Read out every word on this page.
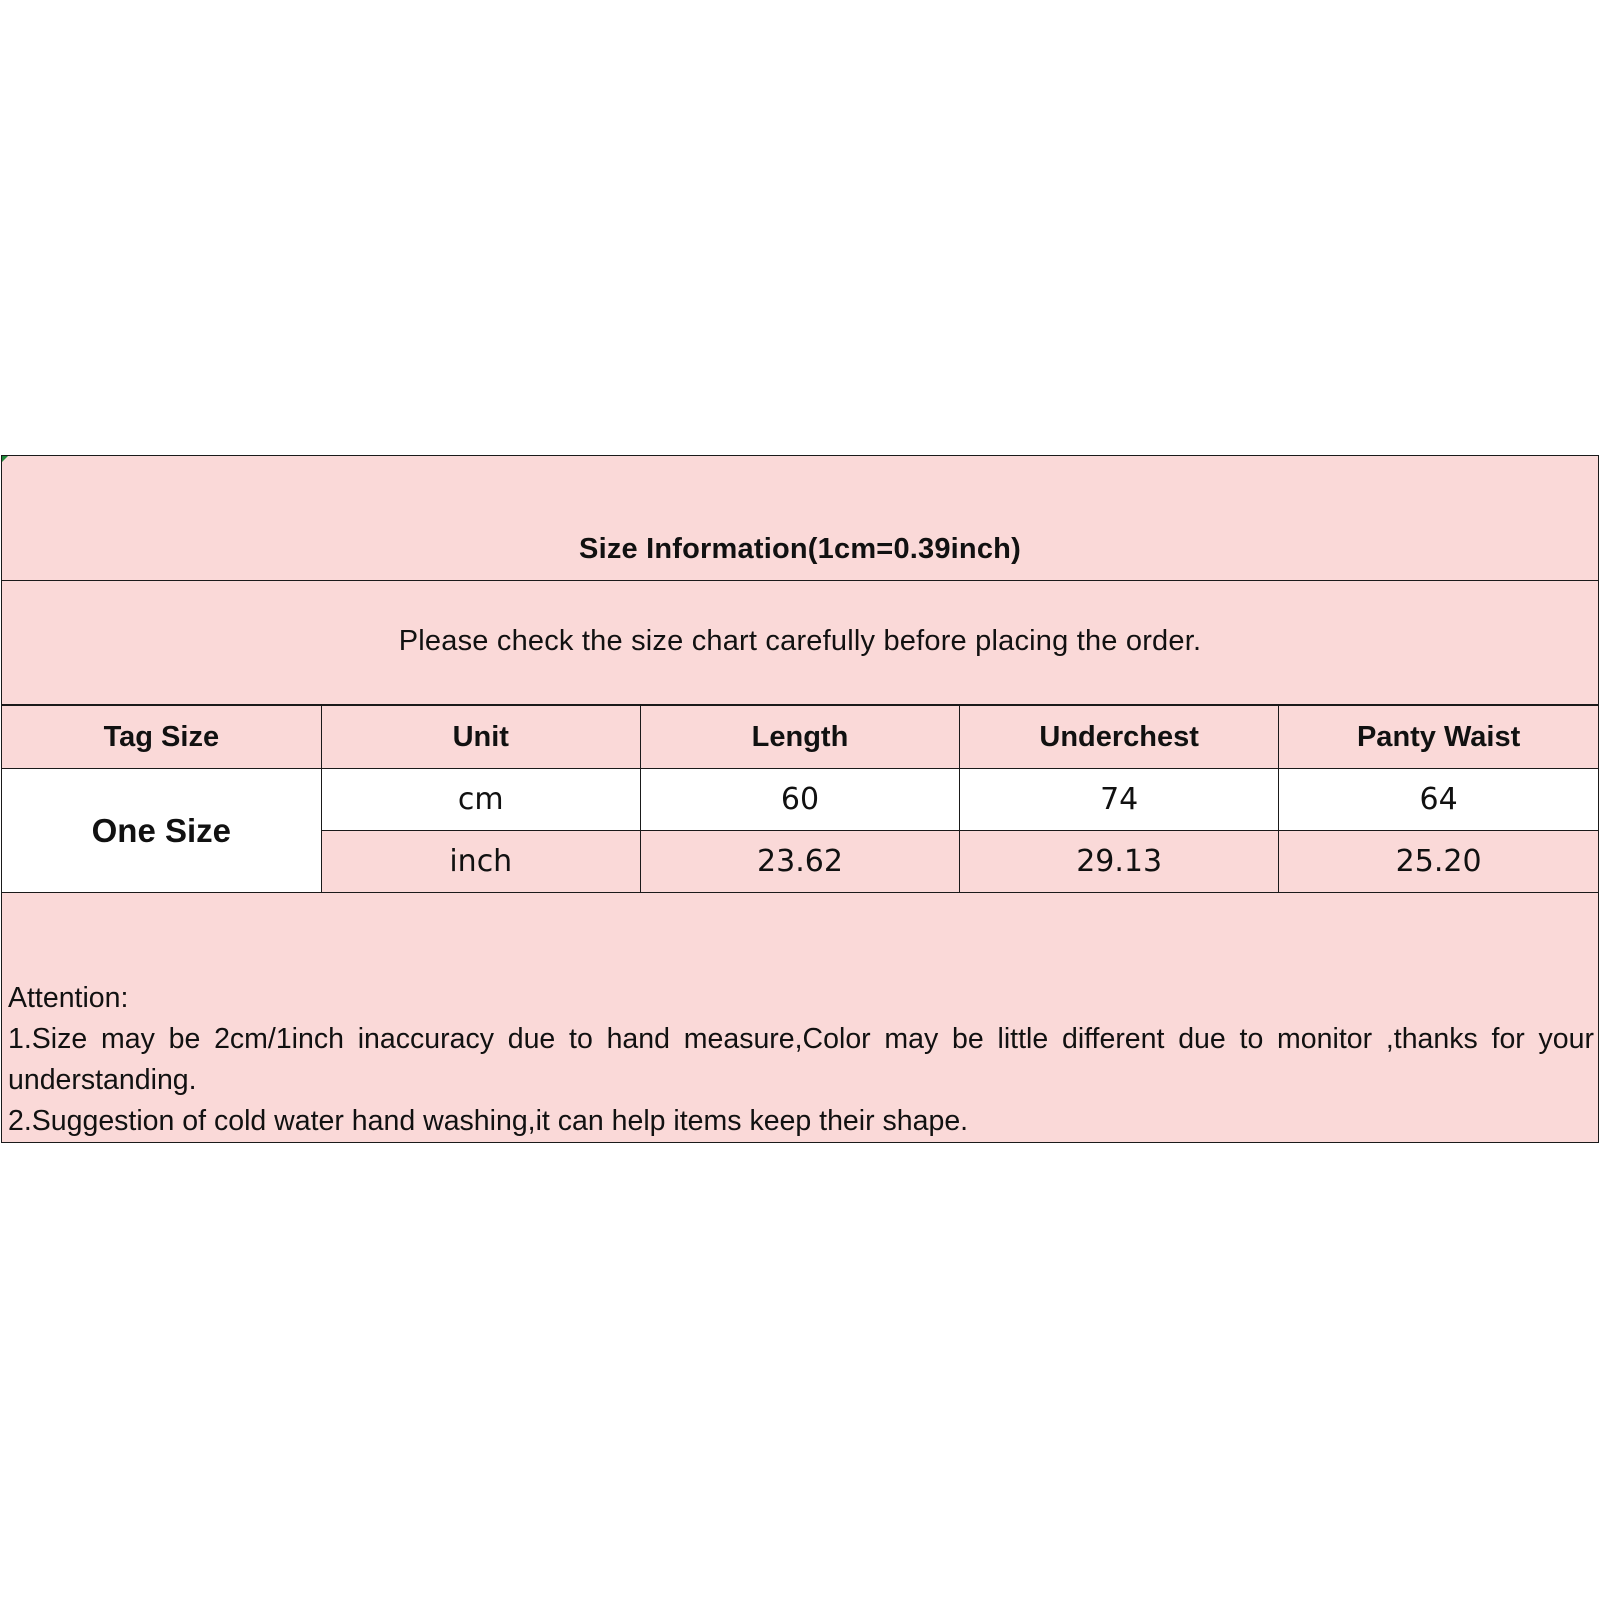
Size Information(1cm=0.39inch)
Please check the size chart carefully before placing the order.
Tag Size	Unit	Length	Underchest	Panty Waist
One Size	cm	60	74	64
	inch	23.62	29.13	25.20

Attention:

1.Size may be 2cm/1inch inaccuracy due to hand measure,Color may be little different due to monitor ,thanks for your understanding.

2.Suggestion of cold water hand washing,it can help items keep their shape.
